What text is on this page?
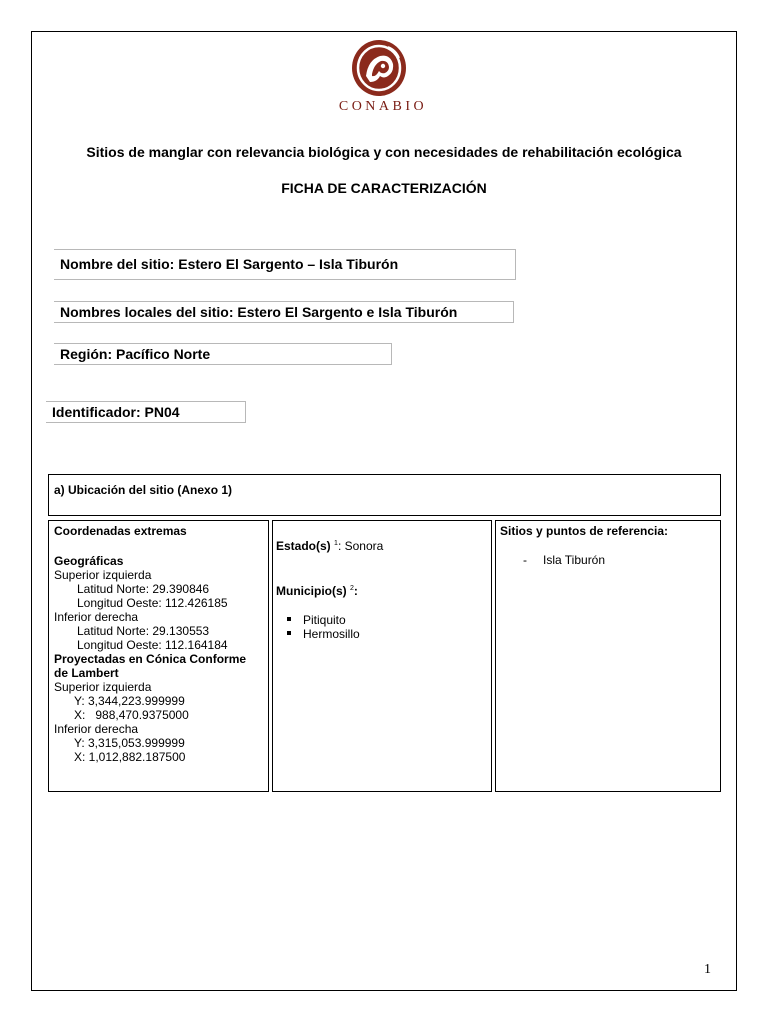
CONABIO
Sitios de manglar con relevancia biológica y con necesidades de rehabilitación ecológica
FICHA DE CARACTERIZACIÓN
Nombre del sitio: Estero El Sargento – Isla Tiburón
Nombres locales del sitio: Estero El Sargento e Isla Tiburón
Región: Pacífico Norte
Identificador: PN04
a) Ubicación del sitio (Anexo 1)
Coordenadas extremas
Geográficas
Superior izquierda
Latitud Norte: 29.390846
Longitud Oeste: 112.426185
Inferior derecha
Latitud Norte: 29.130553
Longitud Oeste: 112.164184
Proyectadas en Cónica Conforme
de Lambert
Superior izquierda
Y: 3,344,223.999999
X:   988,470.9375000
Inferior derecha
Y: 3,315,053.999999
X: 1,012,882.187500
Estado(s) $^1$: Sonora
Municipio(s) $^2$:
Pitiquito
Hermosillo
Sitios y puntos de referencia:
- Isla Tiburón
1
